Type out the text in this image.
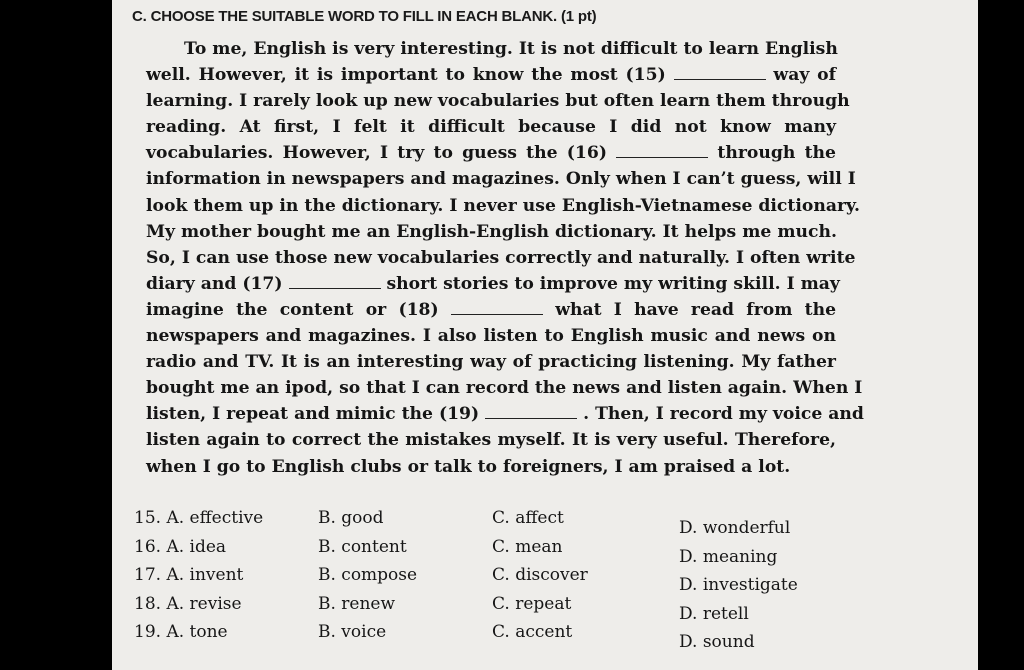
C. CHOOSE THE SUITABLE WORD TO FILL IN EACH BLANK. (1 pt)
To me, English is very interesting. It is not difficult to learn English
well. However, it is important to know the most (15)	way of
learning. I rarely look up new vocabularies but often learn them through
reading. At first, I felt it difficult because I did not know many
vocabularies. However, I try to guess the (16)	through the
information in newspapers and magazines. Only when I can’t guess, will I
look them up in the dictionary. I never use English-Vietnamese dictionary.
My mother bought me an English-English dictionary. It helps me much.
So, I can use those new vocabularies correctly and naturally. I often write
diary and (17)	short stories to improve my writing skill. I may
imagine the content or (18)	what I have read from the
newspapers and magazines. I also listen to English music and news on
radio and TV. It is an interesting way of practicing listening. My father
bought me an ipod, so that I can record the news and listen again. When I
listen, I repeat and mimic the (19)	. Then, I record my voice and
listen again to correct the mistakes myself. It is very useful. Therefore,
when I go to English clubs or talk to foreigners, I am praised a lot.
15. A. effective	B. good	C. affect	D. wonderful
16. A. idea	B. content	C. mean	D. meaning
17. A. invent	B. compose	C. discover	D. investigate
18. A. revise	B. renew	C. repeat	D. retell
19. A. tone	B. voice	C. accent	D. sound
